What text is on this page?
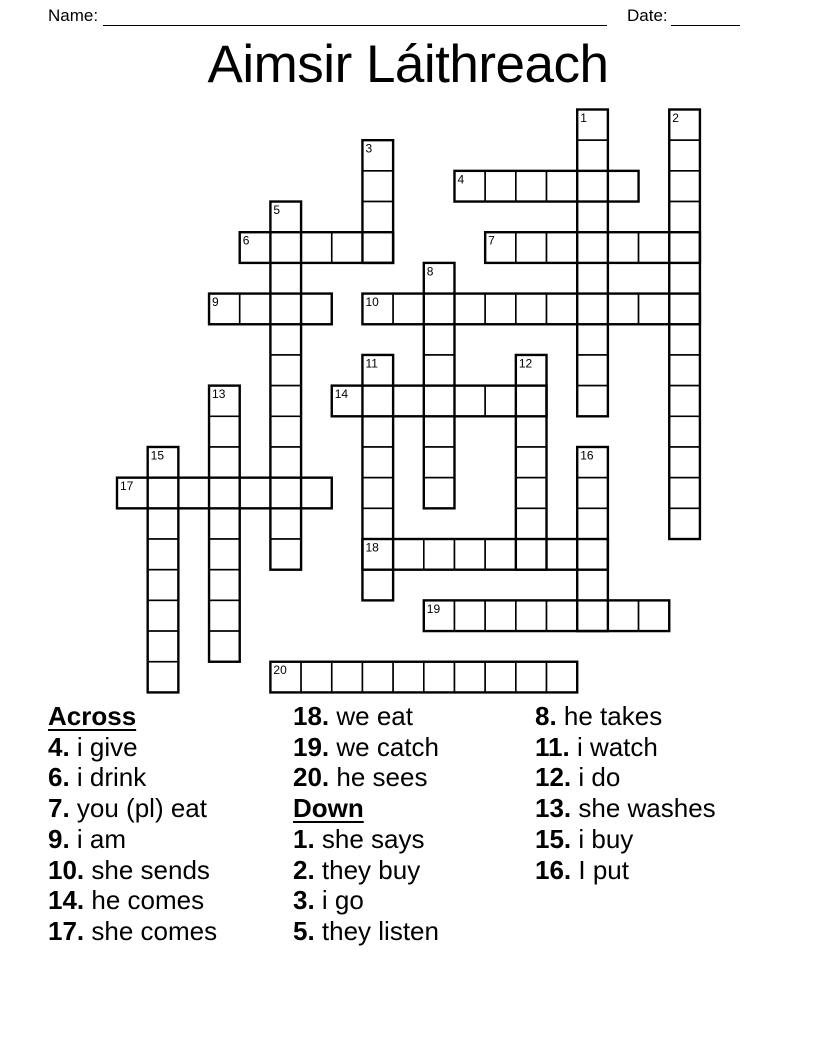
Name:	Date:
Aimsir Láithreach
4
6	7
9	10
14
17
18
19
20
1	2
3
5
8
11	12
13
15	16
Across
4. i give
6. i drink
7. you (pl) eat
9. i am
10. she sends
14. he comes
17. she comes
18. we eat
19. we catch
20. he sees
Down
1. she says
2. they buy
3. i go
5. they listen
8. he takes
11. i watch
12. i do
13. she washes
15. i buy
16. I put
